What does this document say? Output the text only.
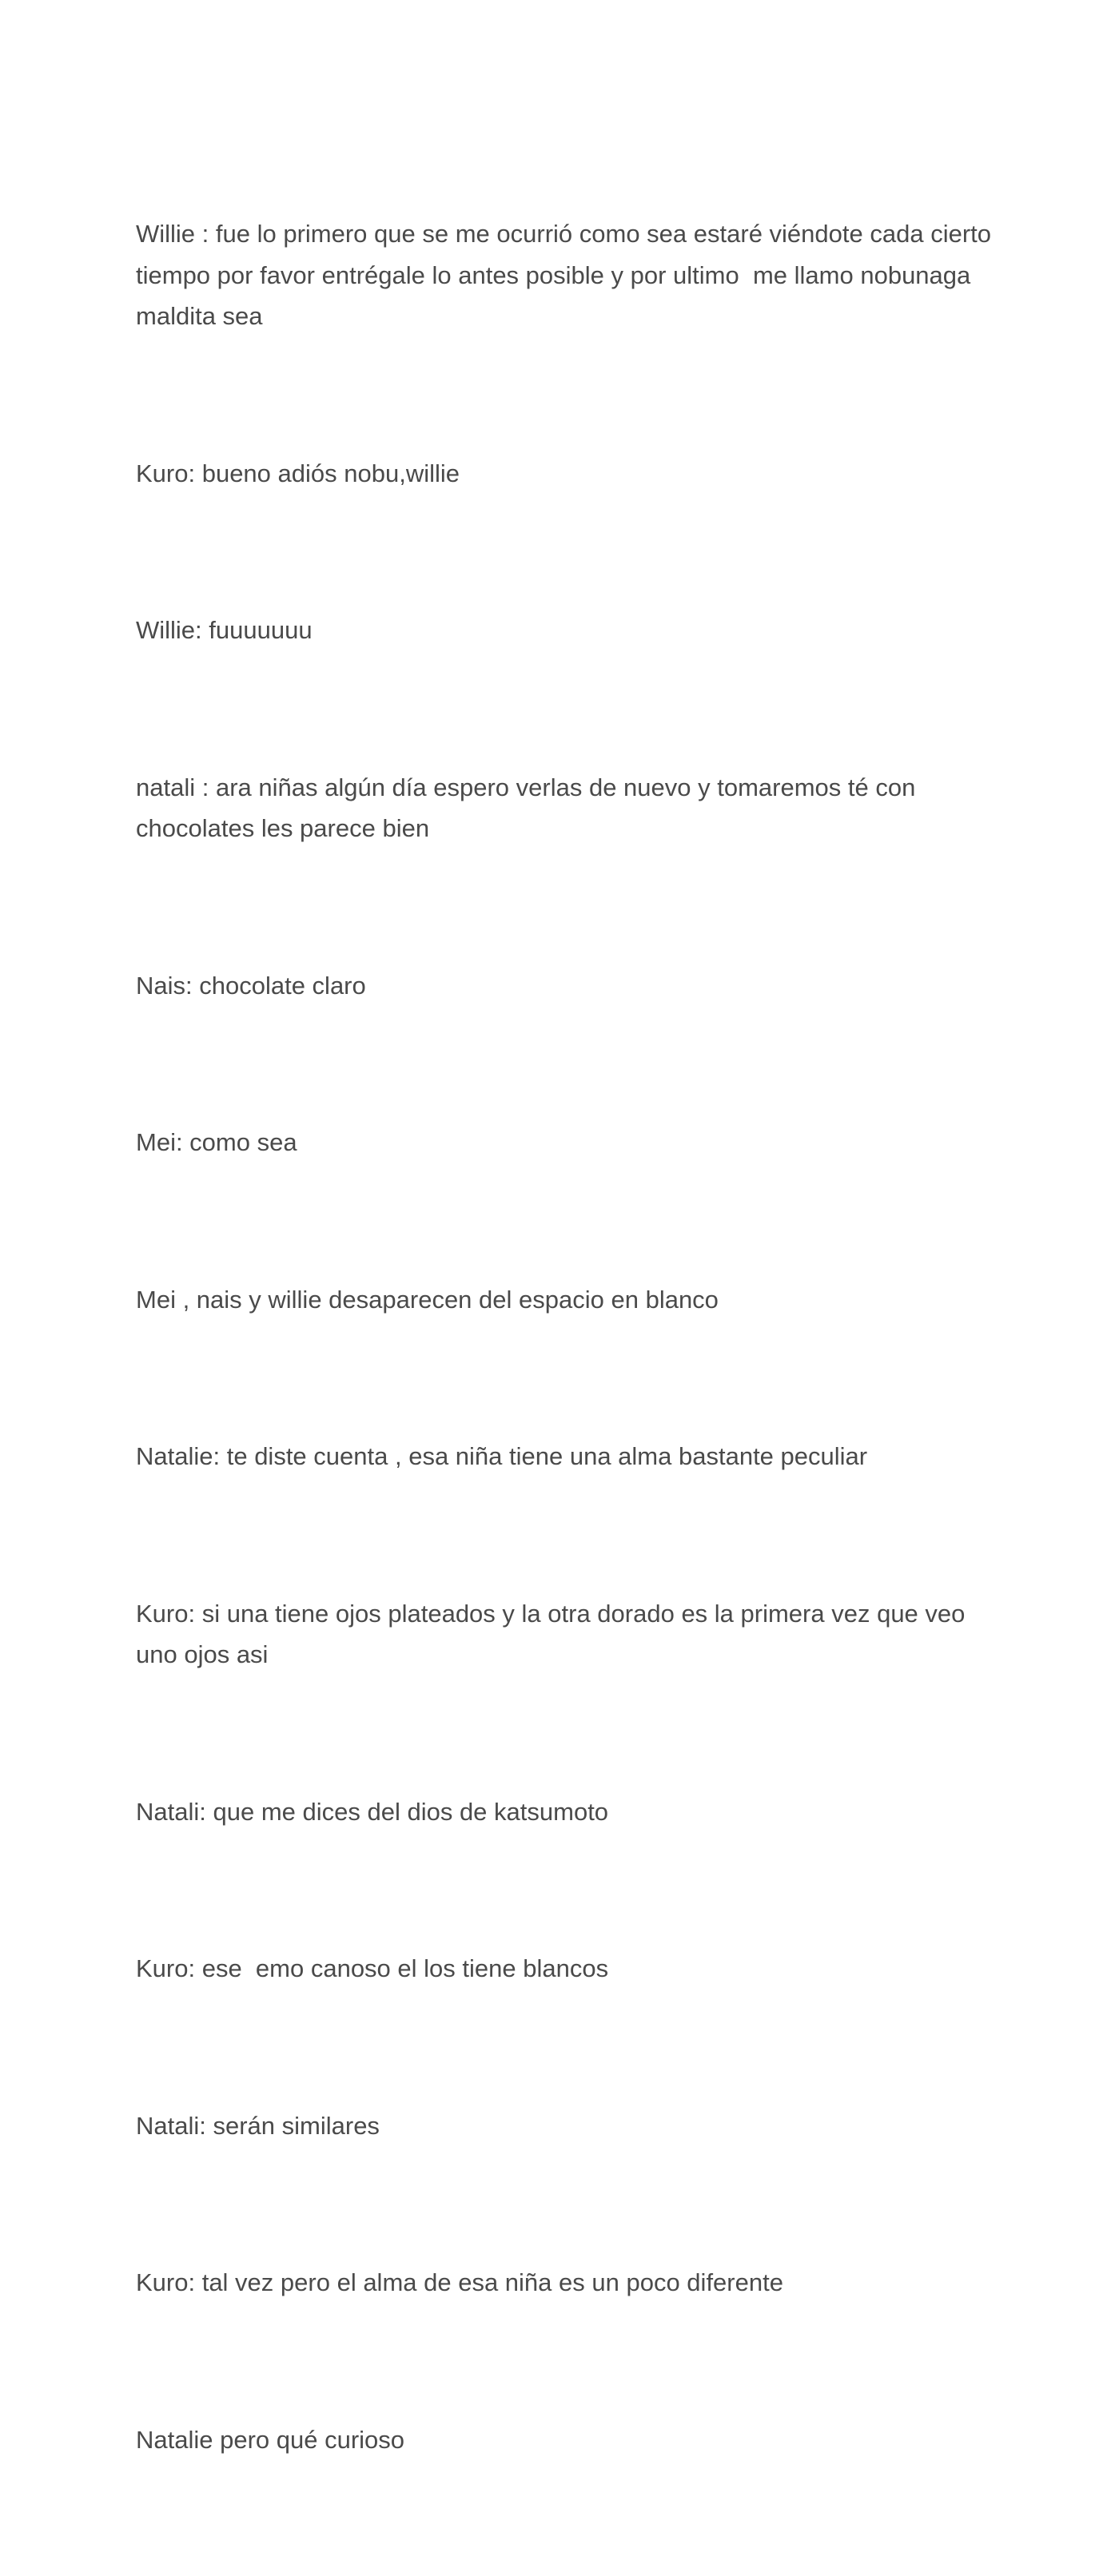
Willie : fue lo primero que se me ocurrió como sea estaré viéndote cada cierto tiempo por favor entrégale lo antes posible y por ultimo  me llamo nobunaga maldita sea

Kuro: bueno adiós nobu,willie

Willie: fuuuuuuu

natali : ara niñas algún día espero verlas de nuevo y tomaremos té con chocolates les parece bien

Nais: chocolate claro

Mei: como sea

Mei , nais y willie desaparecen del espacio en blanco

Natalie: te diste cuenta , esa niña tiene una alma bastante peculiar

Kuro: si una tiene ojos plateados y la otra dorado es la primera vez que veo uno ojos asi

Natali: que me dices del dios de katsumoto

Kuro: ese  emo canoso el los tiene blancos

Natali: serán similares

Kuro: tal vez pero el alma de esa niña es un poco diferente

Natalie pero qué curioso
